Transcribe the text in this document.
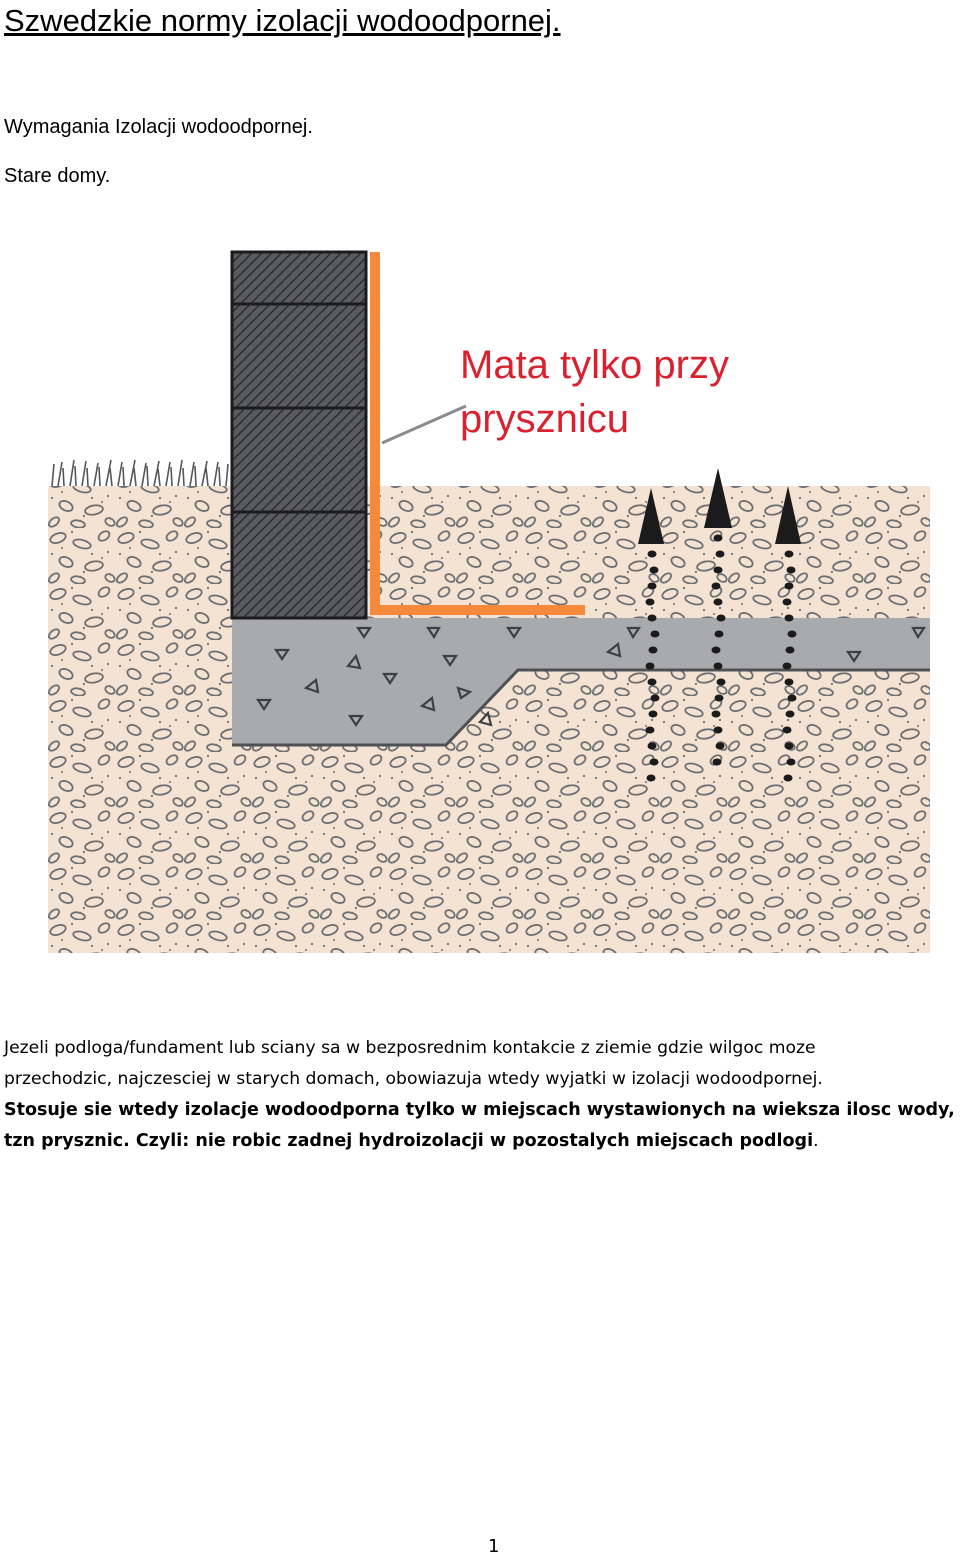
Szwedzkie normy izolacji wodoodpornej.
Wymagania Izolacji wodoodpornej.
Stare domy.
Mata tylko przy
prysznicu
Jezeli podloga/fundament lub sciany sa w bezposrednim kontakcie z ziemie gdzie wilgoc moze
przechodzic, najczesciej w starych domach, obowiazuja wtedy wyjatki w izolacji wodoodpornej.
Stosuje sie wtedy izolacje wodoodporna tylko w miejscach wystawionych na wieksza ilosc wody,
tzn prysznic. Czyli: nie robic zadnej hydroizolacji w pozostalych miejscach podlogi.
1
